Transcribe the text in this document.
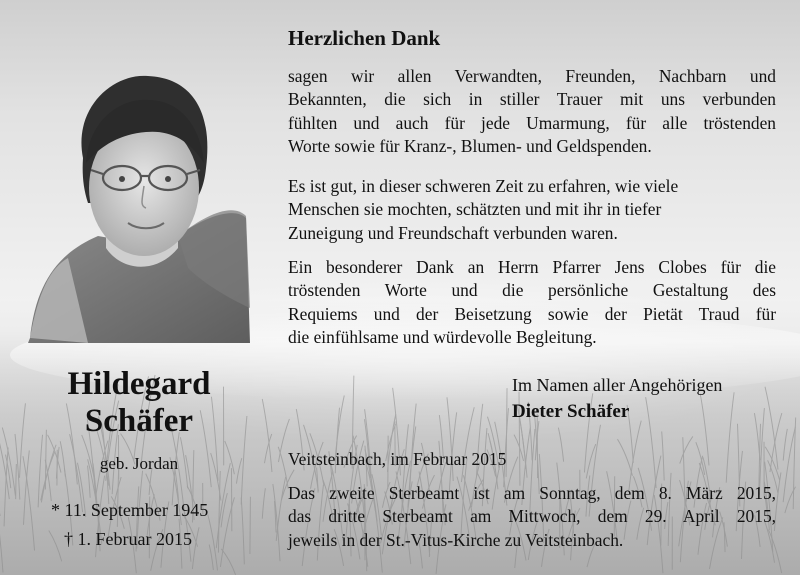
Herzlichen Dank
sagen wir allen Verwandten, Freunden, Nachbarn und
Bekannten, die sich in stiller Trauer mit uns verbunden
fühlten und auch für jede Umarmung, für alle tröstenden
Worte sowie für Kranz-, Blumen- und Geldspenden.
Es ist gut, in dieser schweren Zeit zu erfahren, wie viele
Menschen sie mochten, schätzten und mit ihr in tiefer
Zuneigung und Freundschaft verbunden waren.
Ein besonderer Dank an Herrn Pfarrer Jens Clobes für die
tröstenden Worte und die persönliche Gestaltung des
Requiems und der Beisetzung sowie der Pietät Traud für
die einfühlsame und würdevolle Begleitung.
Hildegard
Schäfer
geb. Jordan
* 11. September 1945
† 1. Februar 2015
Im Namen aller Angehörigen
Dieter Schäfer
Veitsteinbach, im Februar 2015
Das zweite Sterbeamt ist am Sonntag, dem 8. März 2015,
das dritte Sterbeamt am Mittwoch, dem 29. April 2015,
jeweils in der St.-Vitus-Kirche zu Veitsteinbach.
